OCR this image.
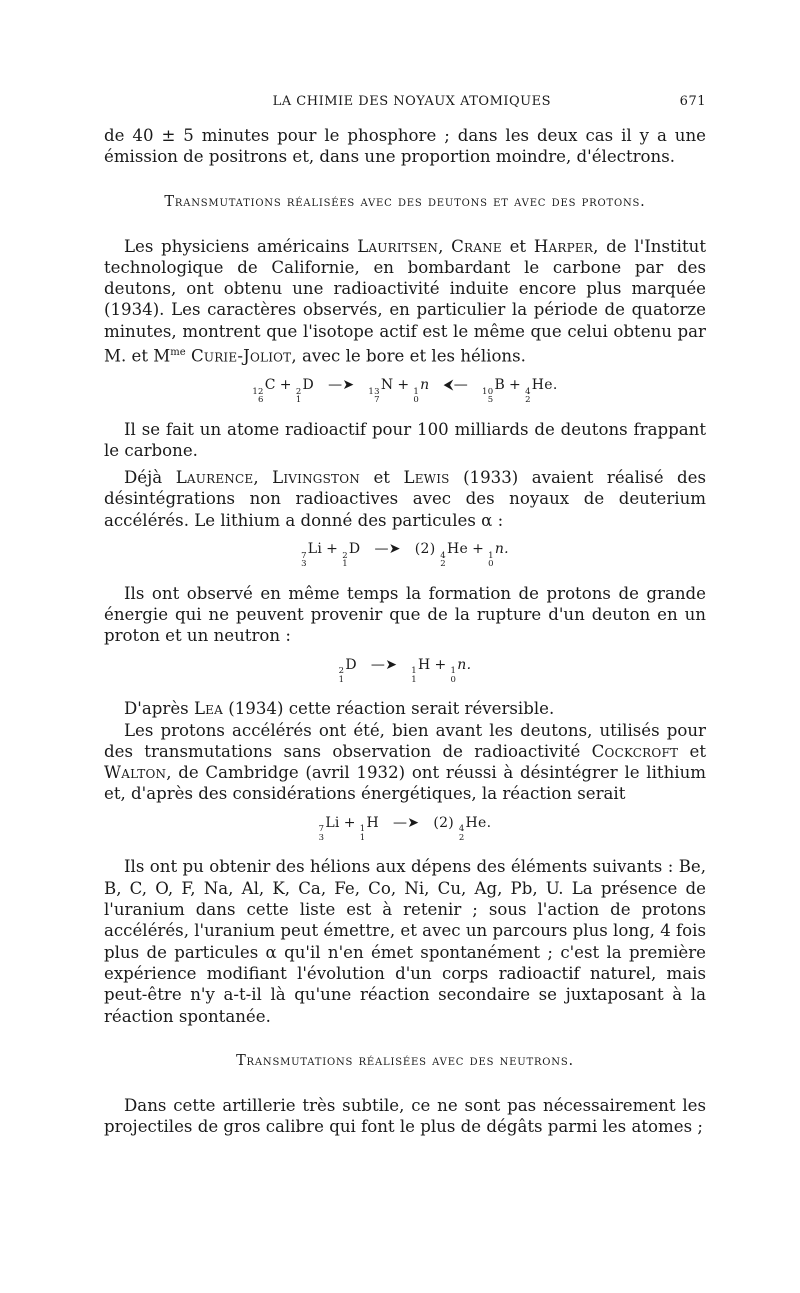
LA CHIMIE DES NOYAUX ATOMIQUES	671

de 40 ± 5 minutes pour le phosphore ; dans les deux cas il y a une émission de positrons et, dans une proportion moindre, d'électrons.

Transmutations réalisées avec des deutons et avec des protons.

Les physiciens américains Lauritsen, Crane et Harper, de l'Institut technologique de Californie, en bombardant le carbone par des deutons, ont obtenu une radioactivité induite encore plus marquée (1934). Les caractères observés, en particulier la période de quatorze minutes, montrent que l'isotope actif est le même que celui obtenu par M. et $M^{me}$ Curie-Joliot, avec le bore et les hélions.

12
6
C + 2
1
D —➤ 13
7
N + 1
0
n ⮜— 10
5
B + 4
2
He.

Il se fait un atome radioactif pour 100 milliards de deutons frappant le carbone.

Déjà Laurence, Livingston et Lewis (1933) avaient réalisé des désintégrations non radioactives avec des noyaux de deuterium accélérés. Le lithium a donné des particules α :

7
3
Li + 2
1
D —➤ (2) 4
2
He + 1
0
n.

Ils ont observé en même temps la formation de protons de grande énergie qui ne peuvent provenir que de la rupture d'un deuton en un proton et un neutron :

2
1
D —➤ 1
1
H + 1
0
n.

D'après Lea (1934) cette réaction serait réversible.

Les protons accélérés ont été, bien avant les deutons, utilisés pour des transmutations sans observation de radioactivité Cockcroft et Walton, de Cambridge (avril 1932) ont réussi à désintégrer le lithium et, d'après des considérations énergétiques, la réaction serait

7
3
Li + 1
1
H —➤ (2) 4
2
He.

Ils ont pu obtenir des hélions aux dépens des éléments suivants : Be, B, C, O, F, Na, Al, K, Ca, Fe, Co, Ni, Cu, Ag, Pb, U. La présence de l'uranium dans cette liste est à retenir ; sous l'action de protons accélérés, l'uranium peut émettre, et avec un parcours plus long, 4 fois plus de particules α qu'il n'en émet spontanément ; c'est la première expérience modifiant l'évolution d'un corps radioactif naturel, mais peut-être n'y a-t-il là qu'une réaction secondaire se juxtaposant à la réaction spontanée.

Transmutations réalisées avec des neutrons.

Dans cette artillerie très subtile, ce ne sont pas nécessairement les projectiles de gros calibre qui font le plus de dégâts parmi les atomes ;
